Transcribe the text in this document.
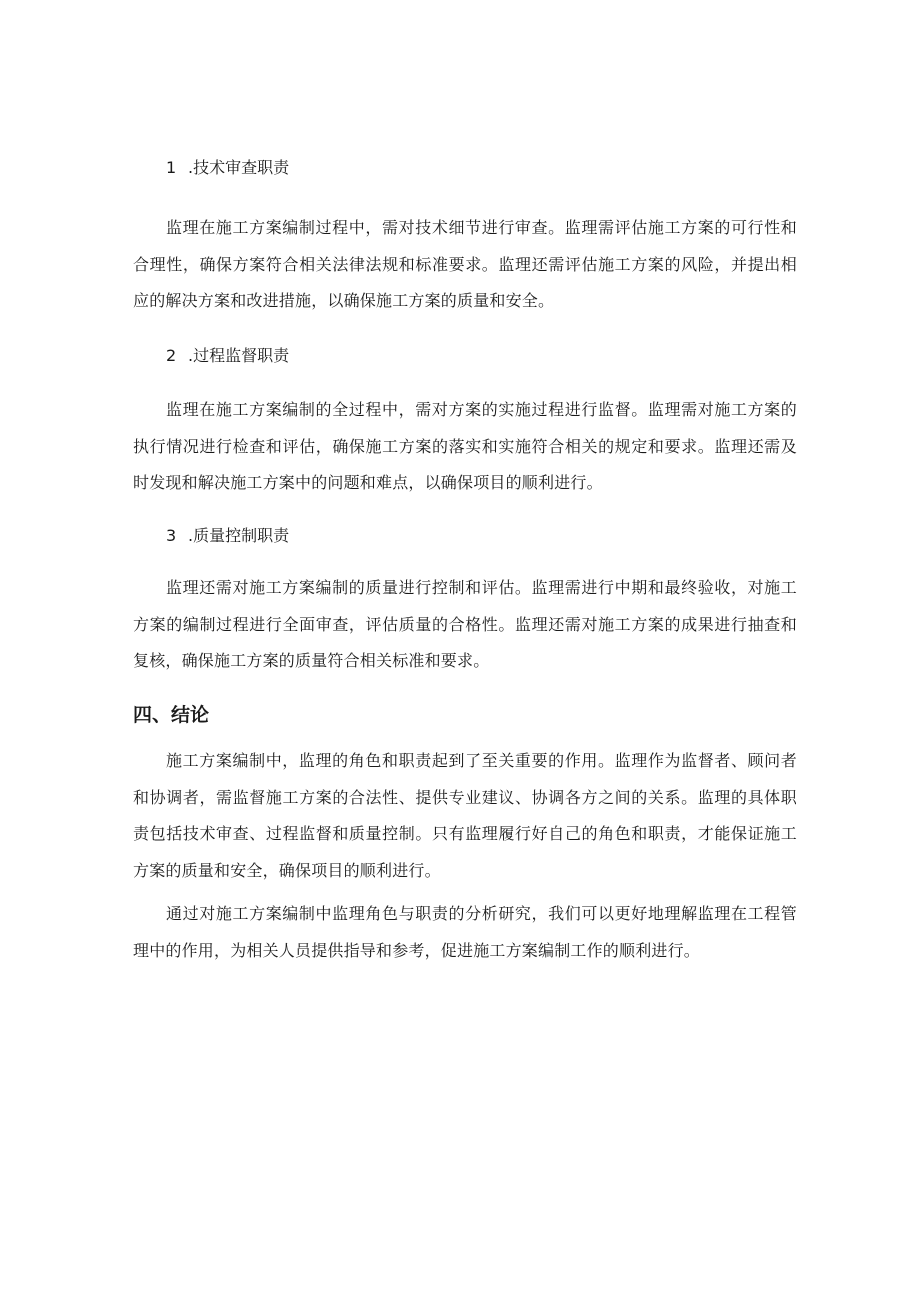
1 .技术审查职责
监理在施工方案编制过程中，需对技术细节进行审查。监理需评估施工方案的可行性和合理性，确保方案符合相关法律法规和标准要求。监理还需评估施工方案的风险，并提出相应的解决方案和改进措施，以确保施工方案的质量和安全。
2 .过程监督职责
监理在施工方案编制的全过程中，需对方案的实施过程进行监督。监理需对施工方案的执行情况进行检查和评估，确保施工方案的落实和实施符合相关的规定和要求。监理还需及时发现和解决施工方案中的问题和难点，以确保项目的顺利进行。
3 .质量控制职责
监理还需对施工方案编制的质量进行控制和评估。监理需进行中期和最终验收，对施工方案的编制过程进行全面审查，评估质量的合格性。监理还需对施工方案的成果进行抽查和复核，确保施工方案的质量符合相关标准和要求。
四、结论
施工方案编制中，监理的角色和职责起到了至关重要的作用。监理作为监督者、顾问者和协调者，需监督施工方案的合法性、提供专业建议、协调各方之间的关系。监理的具体职责包括技术审查、过程监督和质量控制。只有监理履行好自己的角色和职责，才能保证施工方案的质量和安全，确保项目的顺利进行。
通过对施工方案编制中监理角色与职责的分析研究，我们可以更好地理解监理在工程管理中的作用，为相关人员提供指导和参考，促进施工方案编制工作的顺利进行。
